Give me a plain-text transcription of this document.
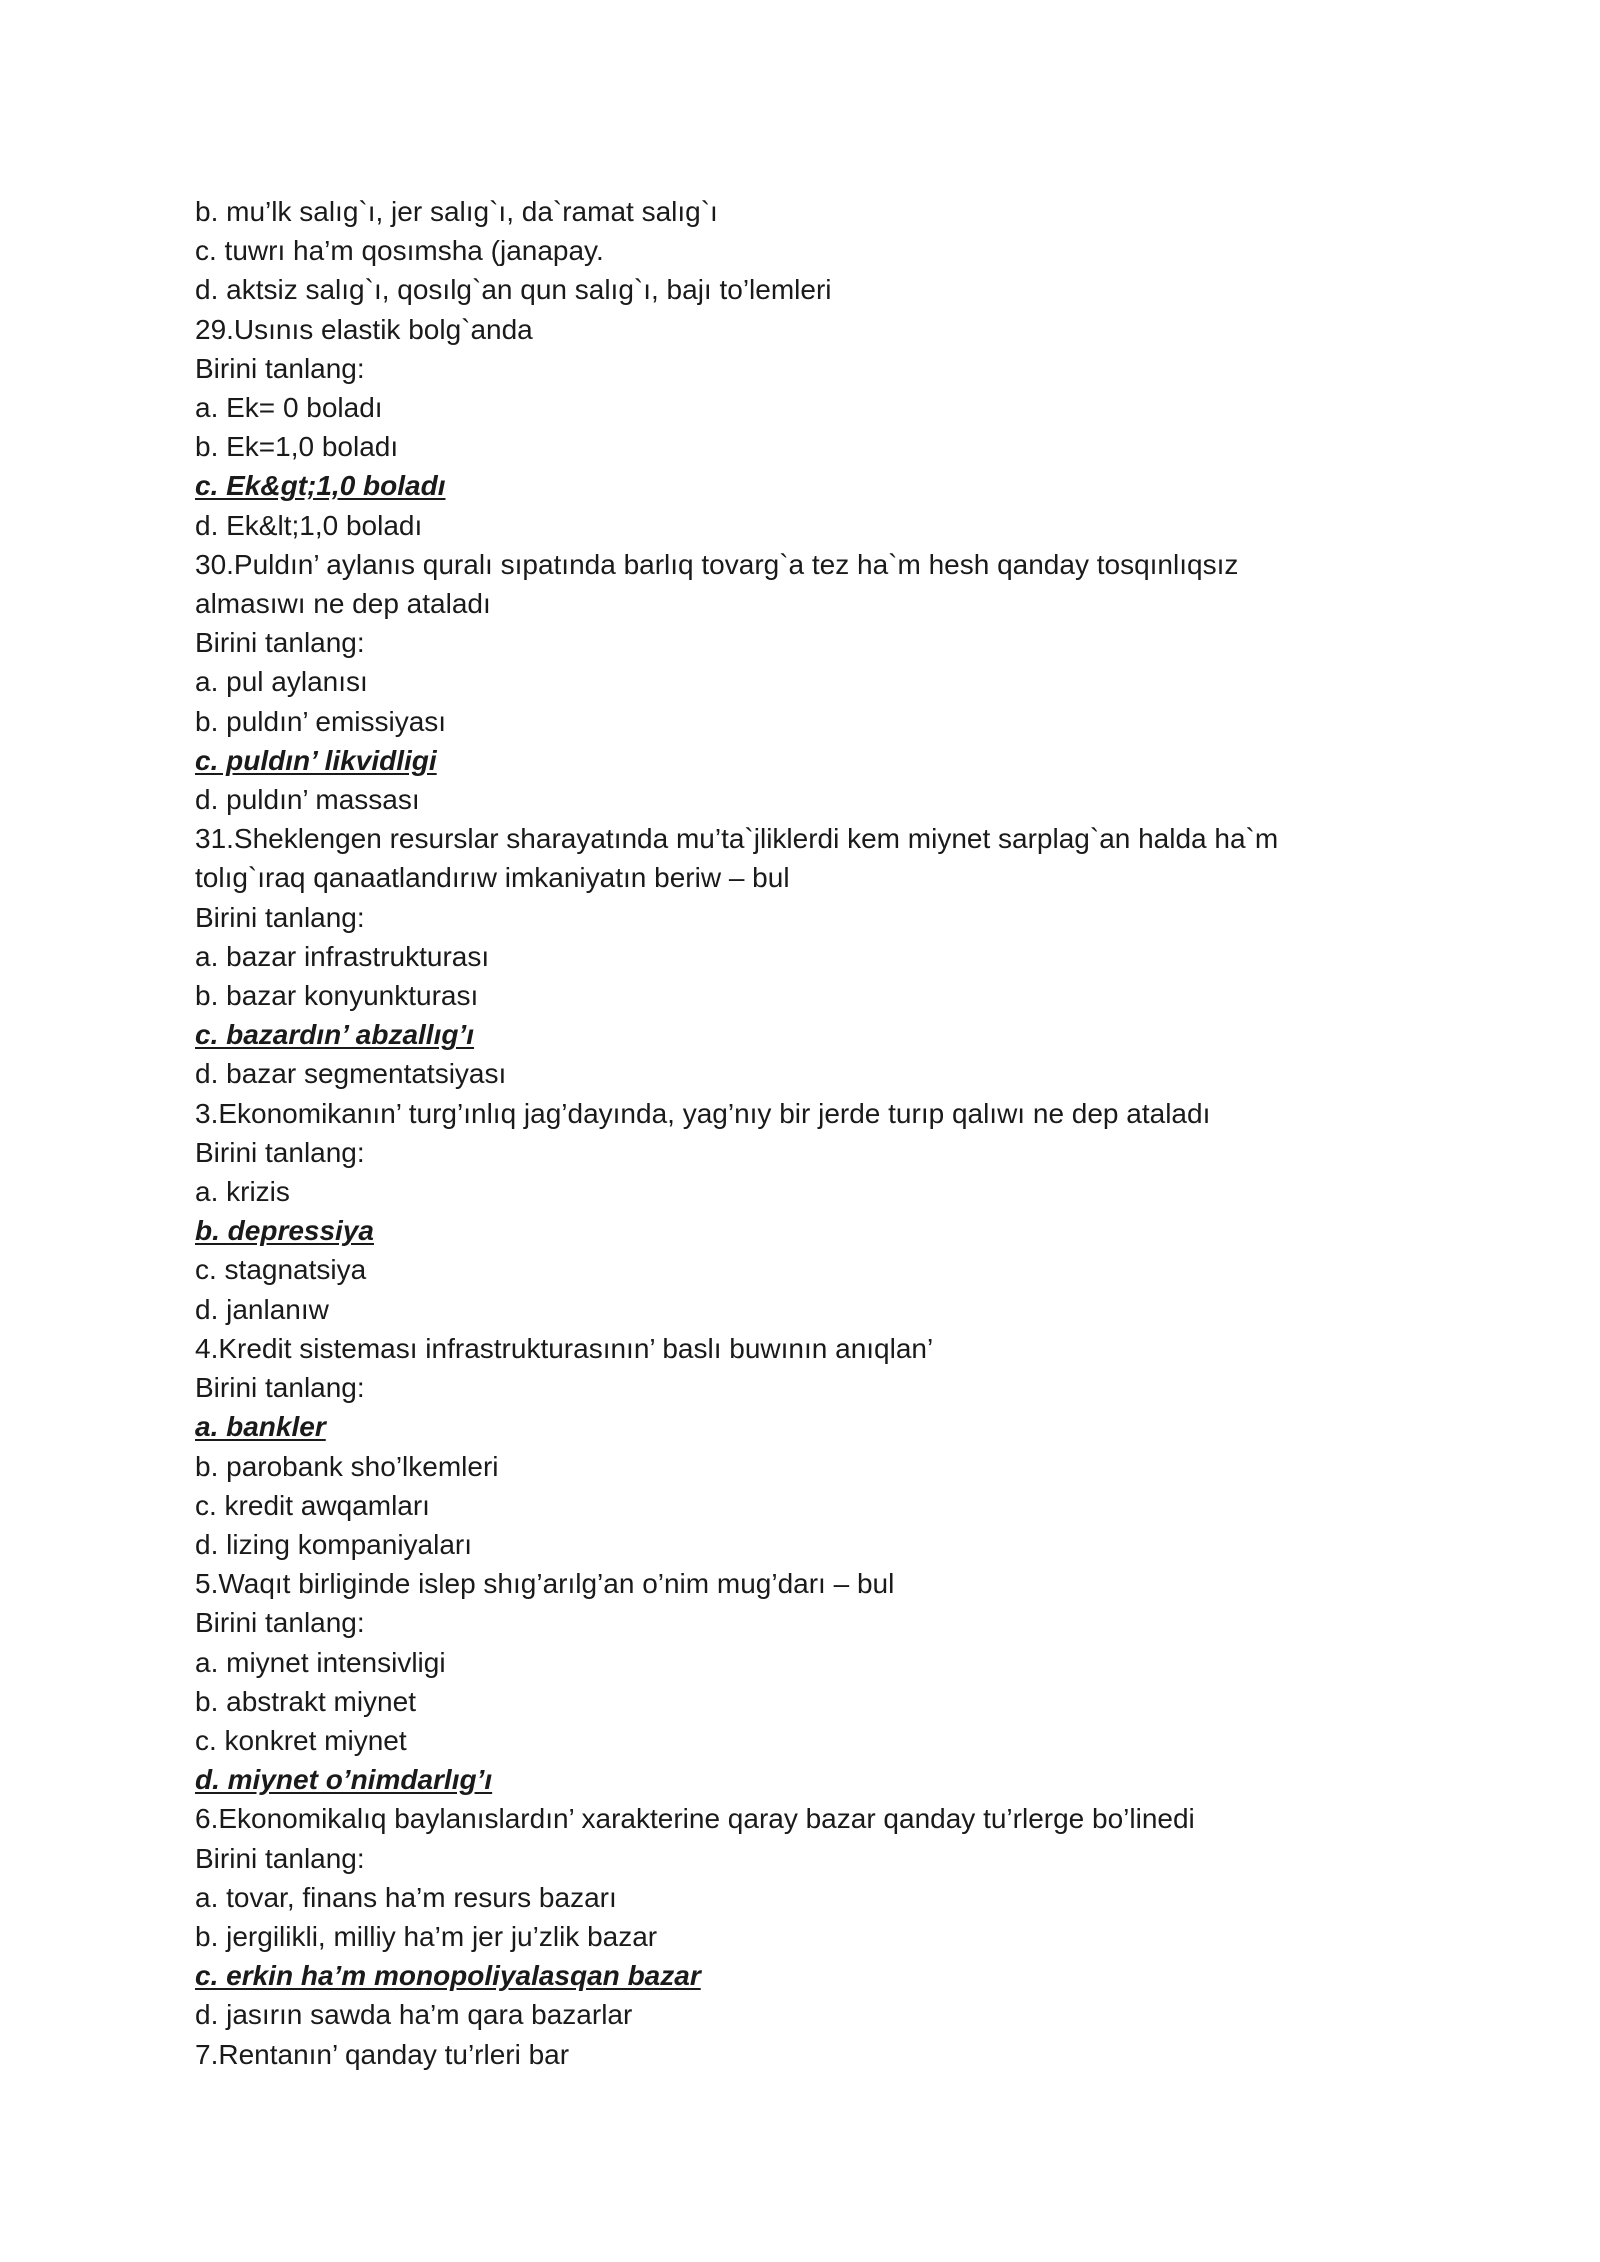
b. mu’lk salıg`ı, jer salıg`ı, da`ramat salıg`ı

c. tuwrı ha’m qosımsha (janapay.

d. aktsiz salıg`ı, qosılg`an qun salıg`ı, bajı to’lemleri

29.Usınıs elastik bolg`anda

Birini tanlang:

a. Ek= 0 boladı

b. Ek=1,0 boladı

c. Ek&gt;1,0 boladı

d. Ek&lt;1,0 boladı

30.Puldın’ aylanıs quralı sıpatında barlıq tovarg`a tez ha`m hesh qanday tosqınlıqsız

almasıwı ne dep ataladı

Birini tanlang:

a. pul aylanısı

b. puldın’ emissiyası

c. puldın’ likvidligi

d. puldın’ massası

31.Sheklengen resurslar sharayatında mu’ta`jliklerdi kem miynet sarplag`an halda ha`m

tolıg`ıraq qanaatlandırıw imkaniyatın beriw – bul

Birini tanlang:

a. bazar infrastrukturası

b. bazar konyunkturası

c. bazardın’ abzallıg’ı

d. bazar segmentatsiyası

3.Ekonomikanın’ turg’ınlıq jag’dayında, yag’nıy bir jerde turıp qalıwı ne dep ataladı

Birini tanlang:

a. krizis

b. depressiya

c. stagnatsiya

d. janlanıw

4.Kredit sisteması infrastrukturasının’ baslı buwının anıqlan’

Birini tanlang:

a. bankler

b. parobank sho’lkemleri

c. kredit awqamları

d. lizing kompaniyaları

5.Waqıt birliginde islep shıg’arılg’an o’nim mug’darı – bul

Birini tanlang:

a. miynet intensivligi

b. abstrakt miynet

c. konkret miynet

d. miynet o’nimdarlıg’ı

6.Ekonomikalıq baylanıslardın’ xarakterine qaray bazar qanday tu’rlerge bo’linedi

Birini tanlang:

a. tovar, finans ha’m resurs bazarı

b. jergilikli, milliy ha’m jer ju’zlik bazar

c. erkin ha’m monopoliyalasqan bazar

d. jasırın sawda ha’m qara bazarlar

7.Rentanın’ qanday tu’rleri bar
